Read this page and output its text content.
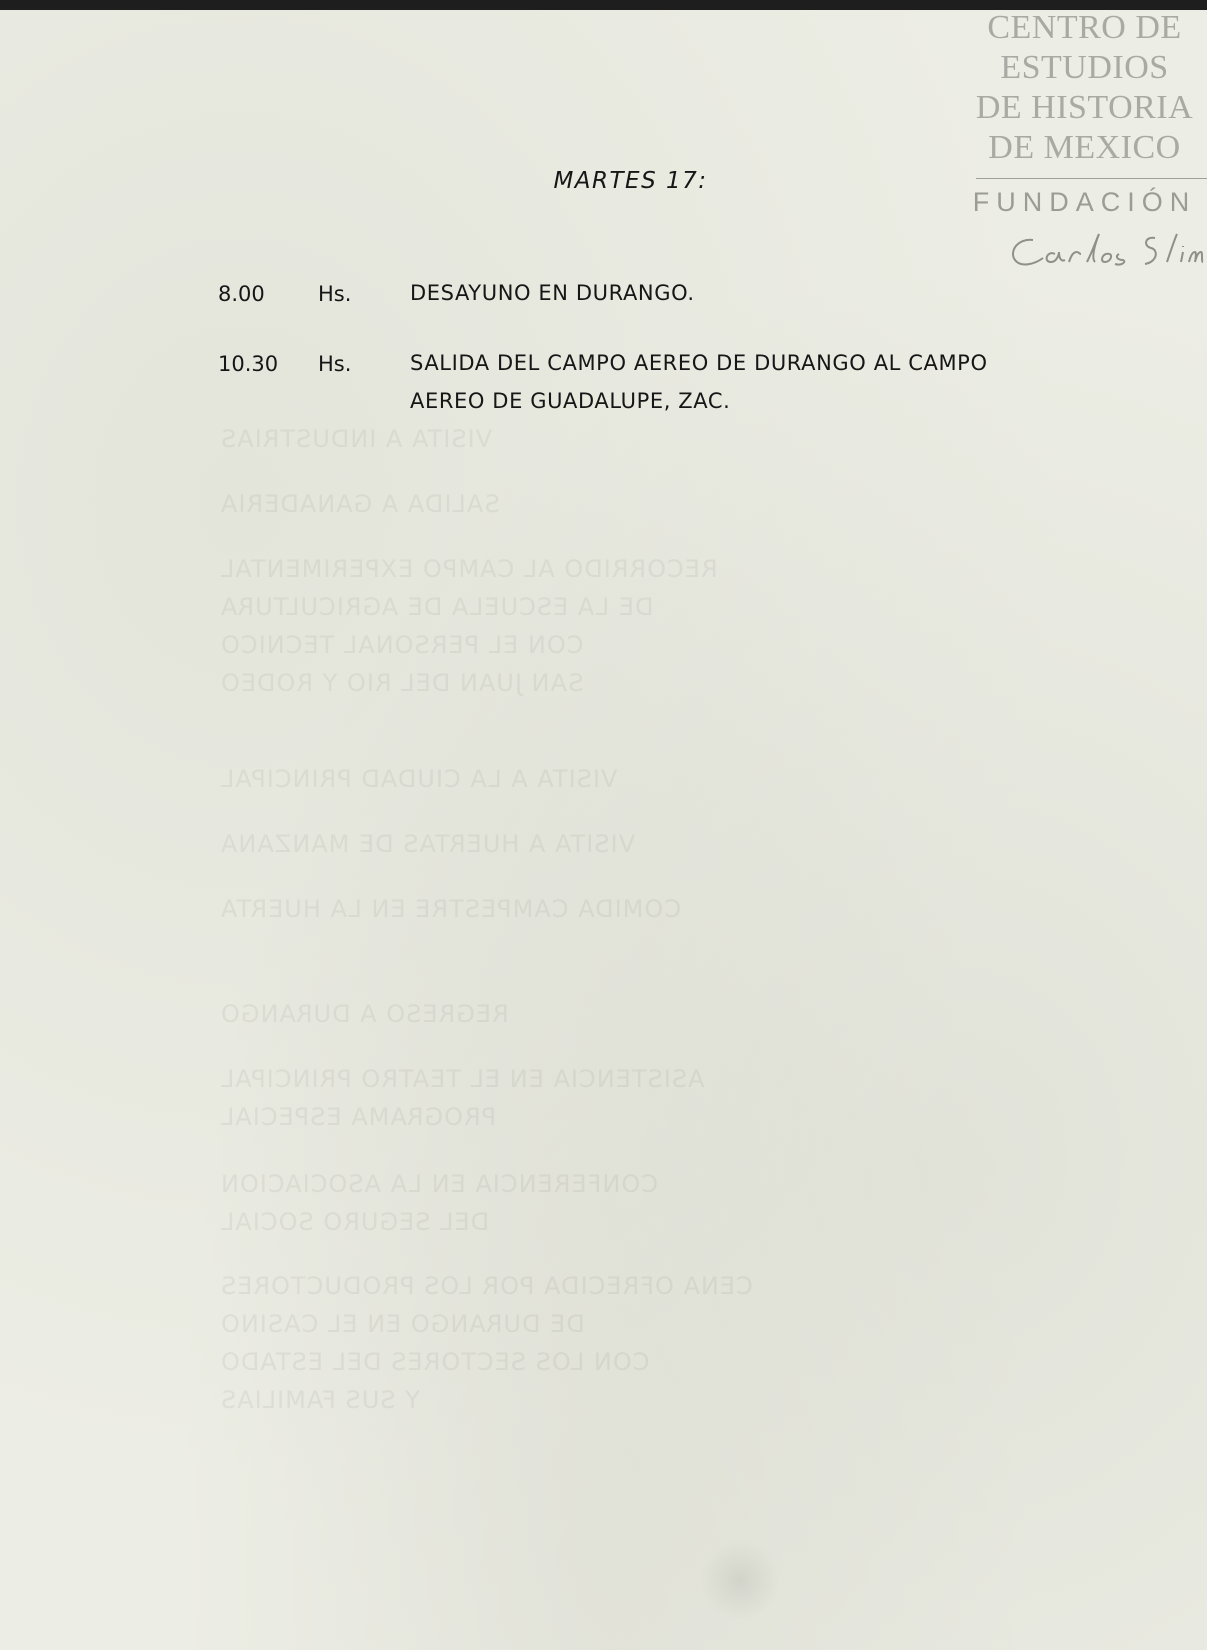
VISITA A INDUSTRIAS
SALIDA A GANADERIA
RECORRIDO AL CAMPO EXPERIMENTAL
DE LA ESCUELA DE AGRICULTURA
CON EL PERSONAL TECNICO
SAN JUAN DEL RIO Y RODEO
VISITA A LA CIUDAD PRINCIPAL
VISITA A HUERTAS DE MANZANA
COMIDA CAMPESTRE EN LA HUERTA
REGRESO A DURANGO
ASISTENCIA EN EL TEATRO PRINCIPAL
PROGRAMA ESPECIAL
CONFERENCIA EN LA ASOCIACION
DEL SEGURO SOCIAL
CENA OFRECIDA POR LOS PRODUCTORES
DE DURANGO EN EL CASINO
CON LOS SECTORES DEL ESTADO
Y SUS FAMILIAS
CENTRO DE
ESTUDIOS
DE HISTORIA
DE MEXICO
FUNDACIÓN
MARTES 17:
8.00	Hs.	DESAYUNO EN DURANGO.
10.30 Hs.	SALIDA DEL CAMPO AEREO DE DURANGO AL CAMPO AEREO DE GUADALUPE, ZAC.
